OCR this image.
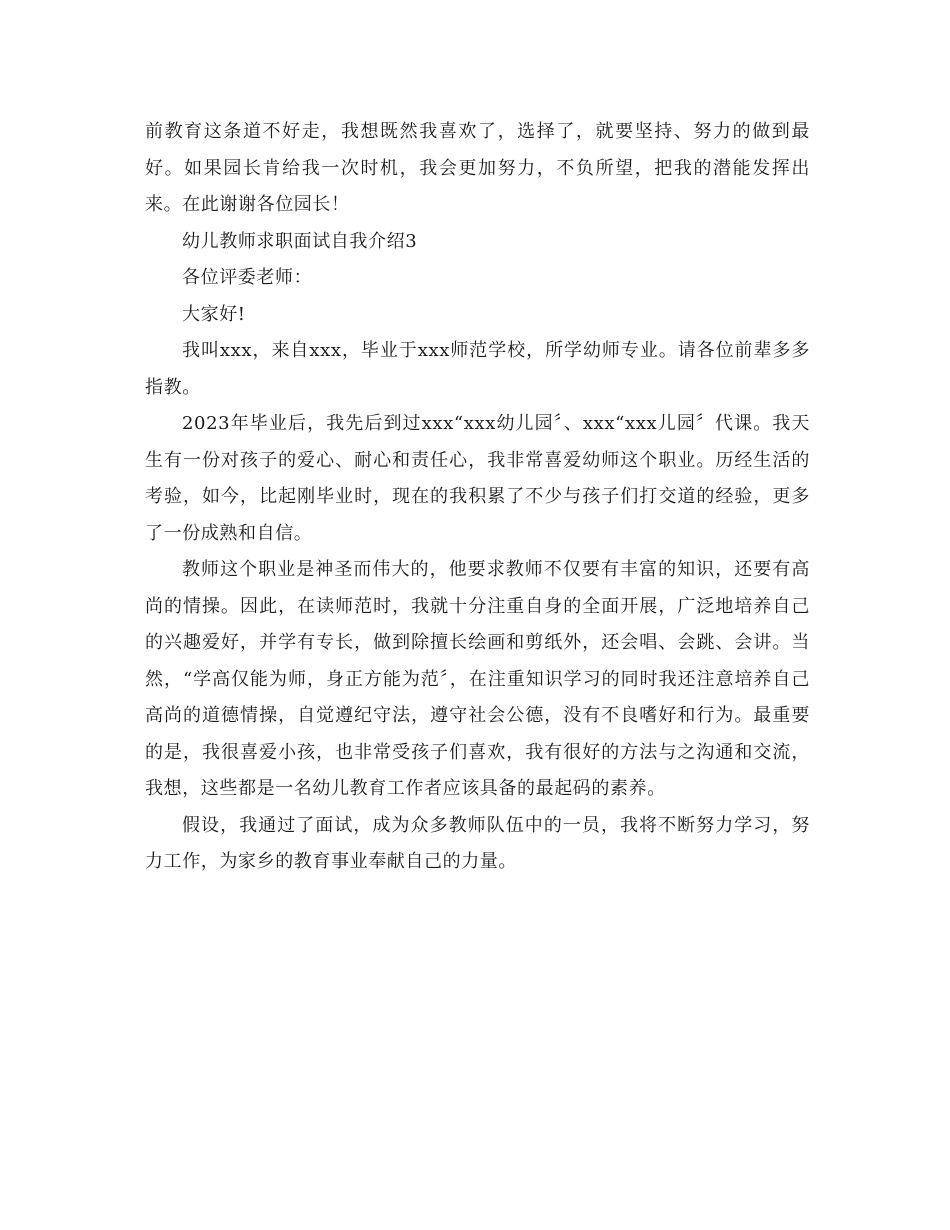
前教育这条道不好走，我想既然我喜欢了，选择了，就要坚持、努力的做到最好。如果园长肯给我一次时机，我会更加努力，不负所望，把我的潜能发挥出来。在此谢谢各位园长！

幼儿教师求职面试自我介绍3

各位评委老师：

大家好!

我叫xxx，来自xxx，毕业于xxx师范学校，所学幼师专业。请各位前辈多多指教。

2023年毕业后，我先后到过xxx“xxx幼儿园〞、xxx“xxx儿园〞代课。我天生有一份对孩子的爱心、耐心和责任心，我非常喜爱幼师这个职业。历经生活的考验，如今，比起刚毕业时，现在的我积累了不少与孩子们打交道的经验，更多了一份成熟和自信。

教师这个职业是神圣而伟大的，他要求教师不仅要有丰富的知识，还要有高尚的情操。因此，在读师范时，我就十分注重自身的全面开展，广泛地培养自己的兴趣爱好，并学有专长，做到除擅长绘画和剪纸外，还会唱、会跳、会讲。当然，“学高仅能为师，身正方能为范〞，在注重知识学习的同时我还注意培养自己高尚的道德情操，自觉遵纪守法，遵守社会公德，没有不良嗜好和行为。最重要的是，我很喜爱小孩，也非常受孩子们喜欢，我有很好的方法与之沟通和交流，我想，这些都是一名幼儿教育工作者应该具备的最起码的素养。

假设，我通过了面试，成为众多教师队伍中的一员，我将不断努力学习，努力工作，为家乡的教育事业奉献自己的力量。
